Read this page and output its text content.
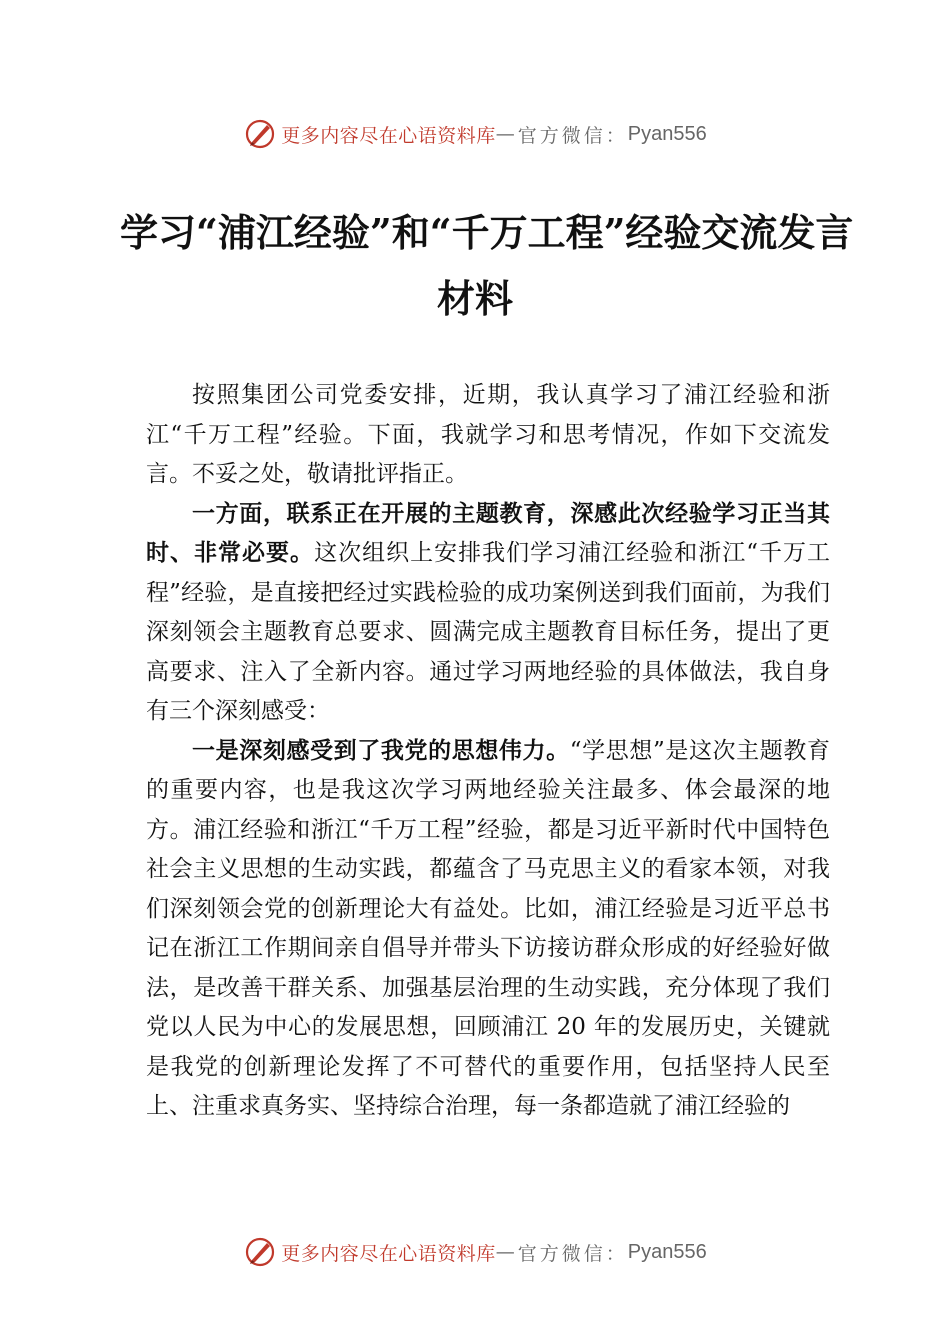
更多内容尽在心语资料库 — 官方微信： Pyan556
学习“浦江经验”和“千万工程”经验交流发言
材料

按照集团公司党委安排，近期，我认真学习了浦江经验和浙江“千万工程”经验。下面，我就学习和思考情况，作如下交流发言。不妥之处，敬请批评指正。

一方面，联系正在开展的主题教育，深感此次经验学习正当其时、非常必要。这次组织上安排我们学习浦江经验和浙江“千万工程”经验，是直接把经过实践检验的成功案例送到我们面前，为我们深刻领会主题教育总要求、圆满完成主题教育目标任务，提出了更高要求、注入了全新内容。通过学习两地经验的具体做法，我自身有三个深刻感受：

一是深刻感受到了我党的思想伟力。“学思想”是这次主题教育的重要内容，也是我这次学习两地经验关注最多、体会最深的地方。浦江经验和浙江“千万工程”经验，都是习近平新时代中国特色社会主义思想的生动实践，都蕴含了马克思主义的看家本领，对我们深刻领会党的创新理论大有益处。比如，浦江经验是习近平总书记在浙江工作期间亲自倡导并带头下访接访群众形成的好经验好做法，是改善干群关系、加强基层治理的生动实践，充分体现了我们党以人民为中心的发展思想，回顾浦江 20 年的发展历史，关键就是我党的创新理论发挥了不可替代的重要作用，包括坚持人民至上、注重求真务实、坚持综合治理，每一条都造就了浦江经验的

更多内容尽在心语资料库 — 官方微信： Pyan556
